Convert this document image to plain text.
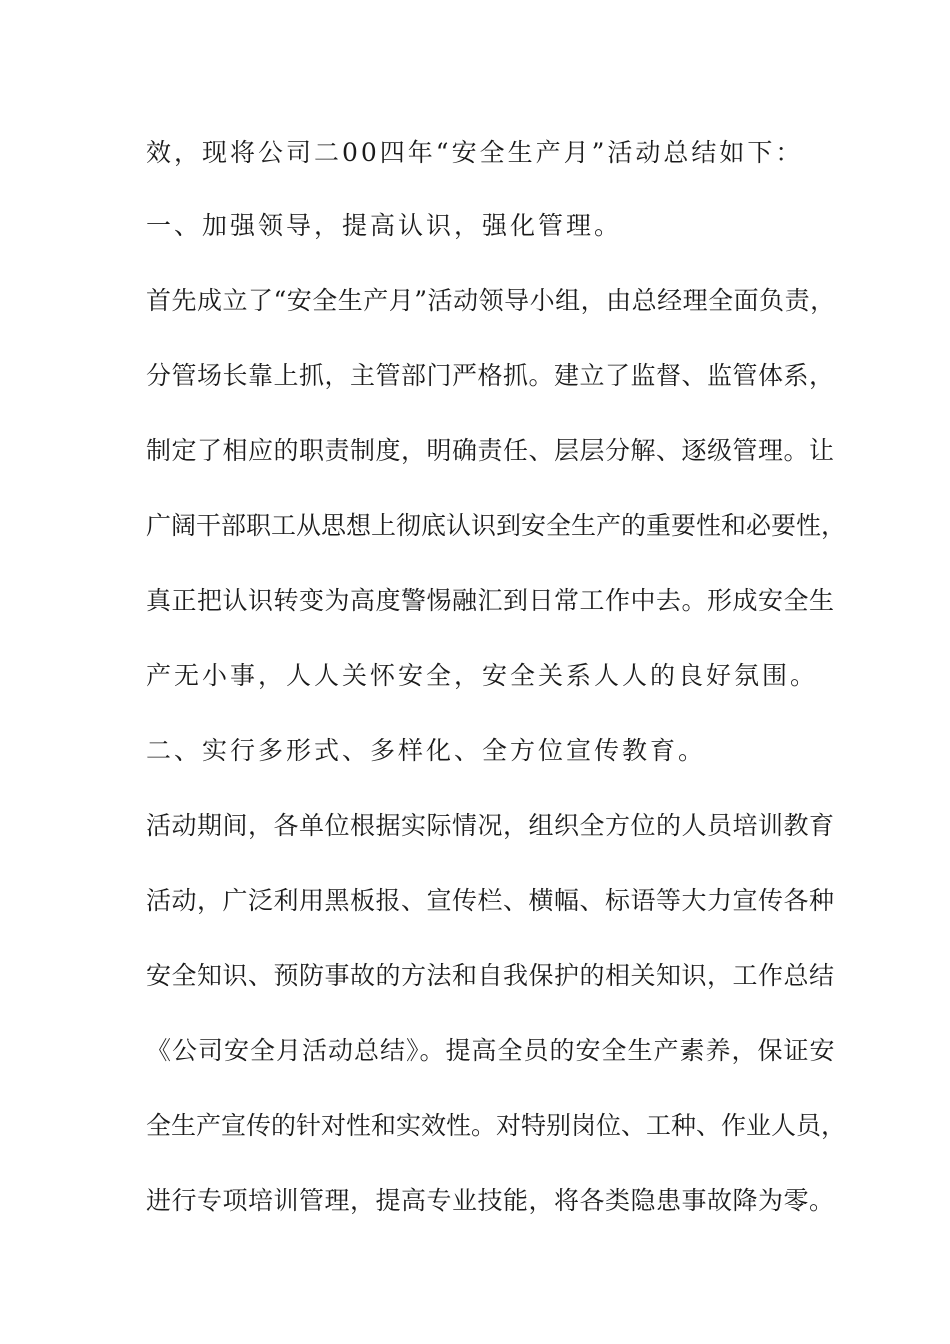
效，现将公司二00四年“安全生产月”活动总结如下：
一、加强领导，提高认识，强化管理。
首先成立了“安全生产月”活动领导小组，由总经理全面负责，
分管场长靠上抓，主管部门严格抓。建立了监督、监管体系，
制定了相应的职责制度，明确责任、层层分解、逐级管理。让
广阔干部职工从思想上彻底认识到安全生产的重要性和必要性，
真正把认识转变为高度警惕融汇到日常工作中去。形成安全生
产无小事，人人关怀安全，安全关系人人的良好氛围。
二、实行多形式、多样化、全方位宣传教育。
活动期间，各单位根据实际情况，组织全方位的人员培训教育
活动，广泛利用黑板报、宣传栏、横幅、标语等大力宣传各种
安全知识、预防事故的方法和自我保护的相关知识，工作总结
《公司安全月活动总结》。提高全员的安全生产素养，保证安
全生产宣传的针对性和实效性。对特别岗位、工种、作业人员，
进行专项培训管理，提高专业技能，将各类隐患事故降为零。
